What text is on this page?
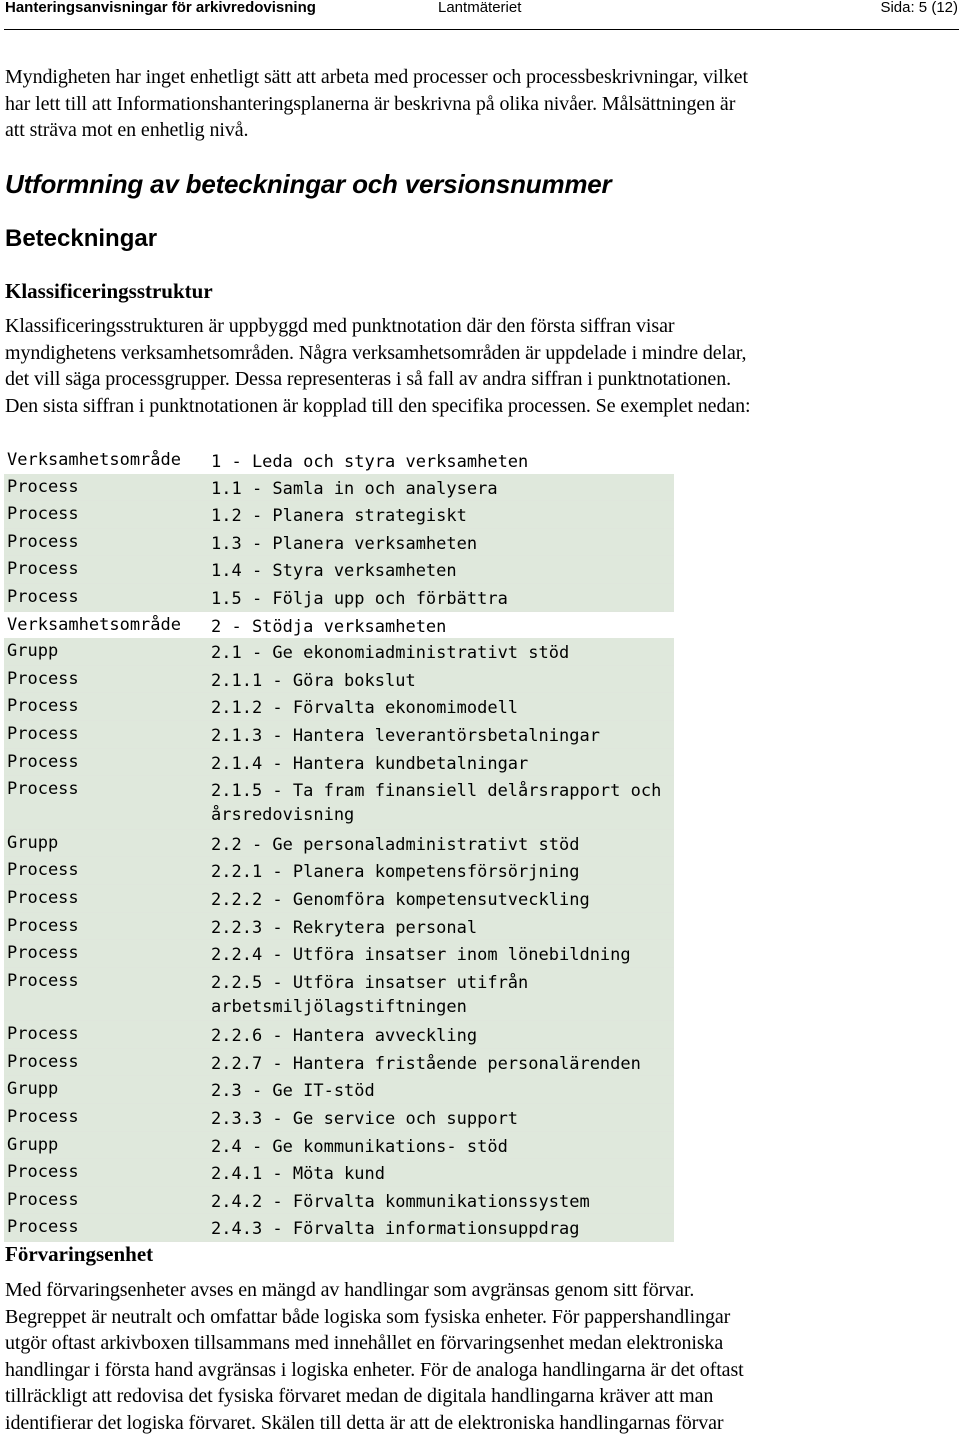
Hanteringsanvisningar för arkivredovisning	Lantmäteriet	Sida: 5 (12)
Myndigheten har inget enhetligt sätt att arbeta med processer och processbeskrivningar, vilket
har lett till att Informationshanteringsplanerna är beskrivna på olika nivåer. Målsättningen är
att sträva mot en enhetlig nivå.
Utformning av beteckningar och versionsnummer
Beteckningar
Klassificeringsstruktur
Klassificeringsstrukturen är uppbyggd med punktnotation där den första siffran visar
myndighetens verksamhetsområden. Några verksamhetsområden är uppdelade i mindre delar,
det vill säga processgrupper. Dessa representeras i så fall av andra siffran i punktnotationen.
Den sista siffran i punktnotationen är kopplad till den specifika processen. Se exemplet nedan:
Verksamhetsområde 1 - Leda och styra verksamheten
Process	1.1 - Samla in och analysera
Process	1.2 - Planera strategiskt
Process	1.3 - Planera verksamheten
Process	1.4 - Styra verksamheten
Process	1.5 - Följa upp och förbättra
Verksamhetsområde 2 - Stödja verksamheten
Grupp	2.1 - Ge ekonomiadministrativt stöd
Process	2.1.1 - Göra bokslut
Process	2.1.2 - Förvalta ekonomimodell
Process	2.1.3 - Hantera leverantörsbetalningar
Process	2.1.4 - Hantera kundbetalningar
Process	2.1.5 - Ta fram finansiell delårsrapport och årsredovisning
Grupp	2.2 - Ge personaladministrativt stöd
Process	2.2.1 - Planera kompetensförsörjning
Process	2.2.2 - Genomföra kompetensutveckling
Process	2.2.3 - Rekrytera personal
Process	2.2.4 - Utföra insatser inom lönebildning
Process	2.2.5 - Utföra insatser utifrån arbetsmiljölagstiftningen
Process	2.2.6 - Hantera avveckling
Process	2.2.7 - Hantera fristående personalärenden
Grupp	2.3 - Ge IT-stöd
Process	2.3.3 - Ge service och support
Grupp	2.4 - Ge kommunikations- stöd
Process	2.4.1 - Möta kund
Process	2.4.2 - Förvalta kommunikationssystem
Process	2.4.3 - Förvalta informationsuppdrag
Förvaringsenhet
Med förvaringsenheter avses en mängd av handlingar som avgränsas genom sitt förvar.
Begreppet är neutralt och omfattar både logiska som fysiska enheter. För pappershandlingar
utgör oftast arkivboxen tillsammans med innehållet en förvaringsenhet medan elektroniska
handlingar i första hand avgränsas i logiska enheter. För de analoga handlingarna är det oftast
tillräckligt att redovisa det fysiska förvaret medan de digitala handlingarna kräver att man
identifierar det logiska förvaret. Skälen till detta är att de elektroniska handlingarnas förvar
